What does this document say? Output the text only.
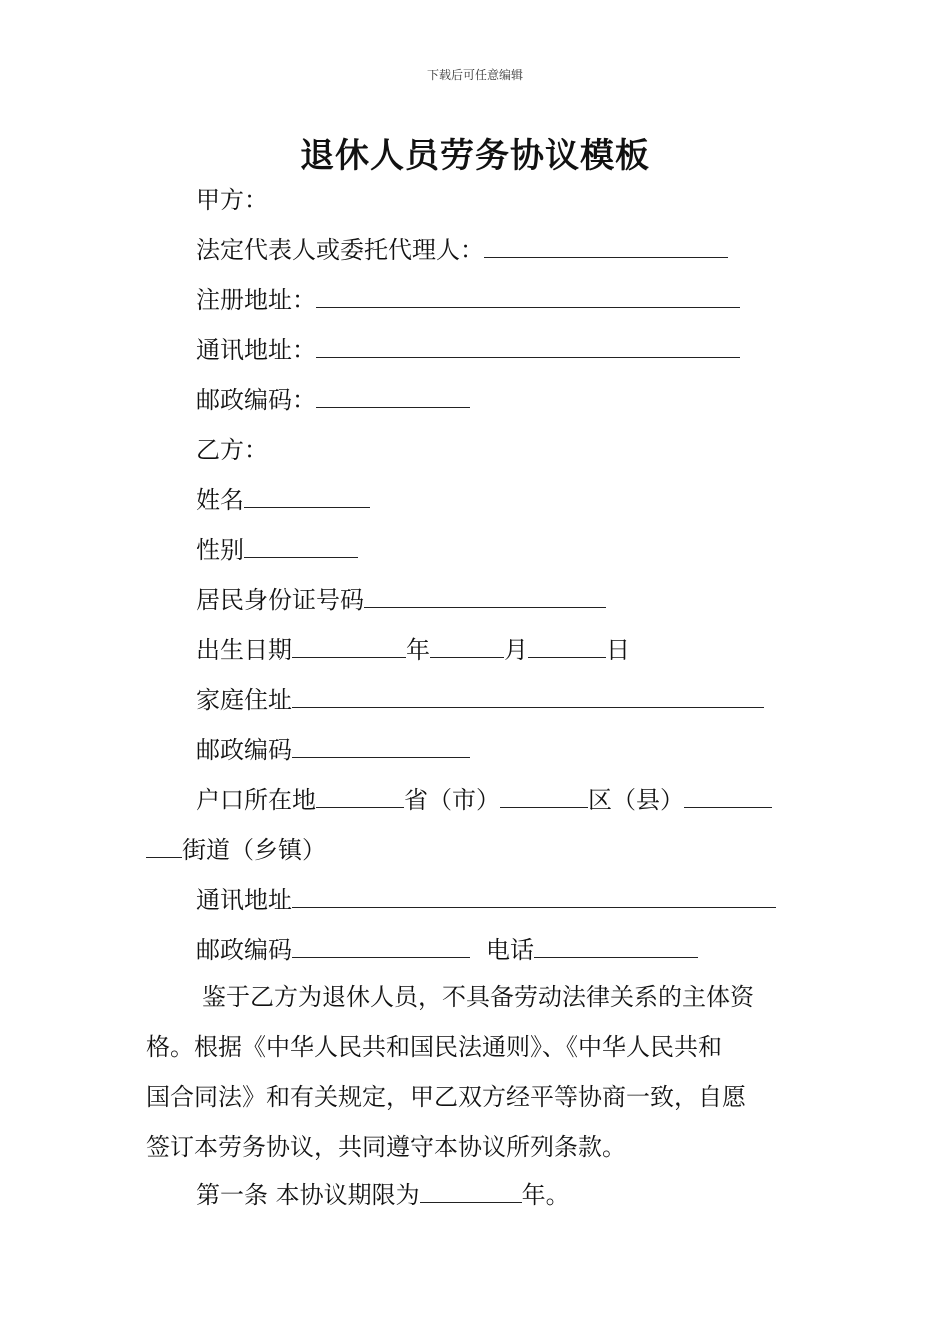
下载后可任意编辑
退休人员劳务协议模板
甲方：
法定代表人或委托代理人：
注册地址：
通讯地址：
邮政编码：
乙方：
姓名
性别
居民身份证号码
出生日期	年	月	日
家庭住址
邮政编码
户口所在地	省（市）	区（县）
街道（乡镇）
通讯地址
邮政编码	电话
鉴于乙方为退休人员，不具备劳动法律关系的主体资
格。根据《中华人民共和国民法通则》、《中华人民共和
国合同法》和有关规定，甲乙双方经平等协商一致，自愿
签订本劳务协议，共同遵守本协议所列条款。
第一条 本协议期限为	年。
